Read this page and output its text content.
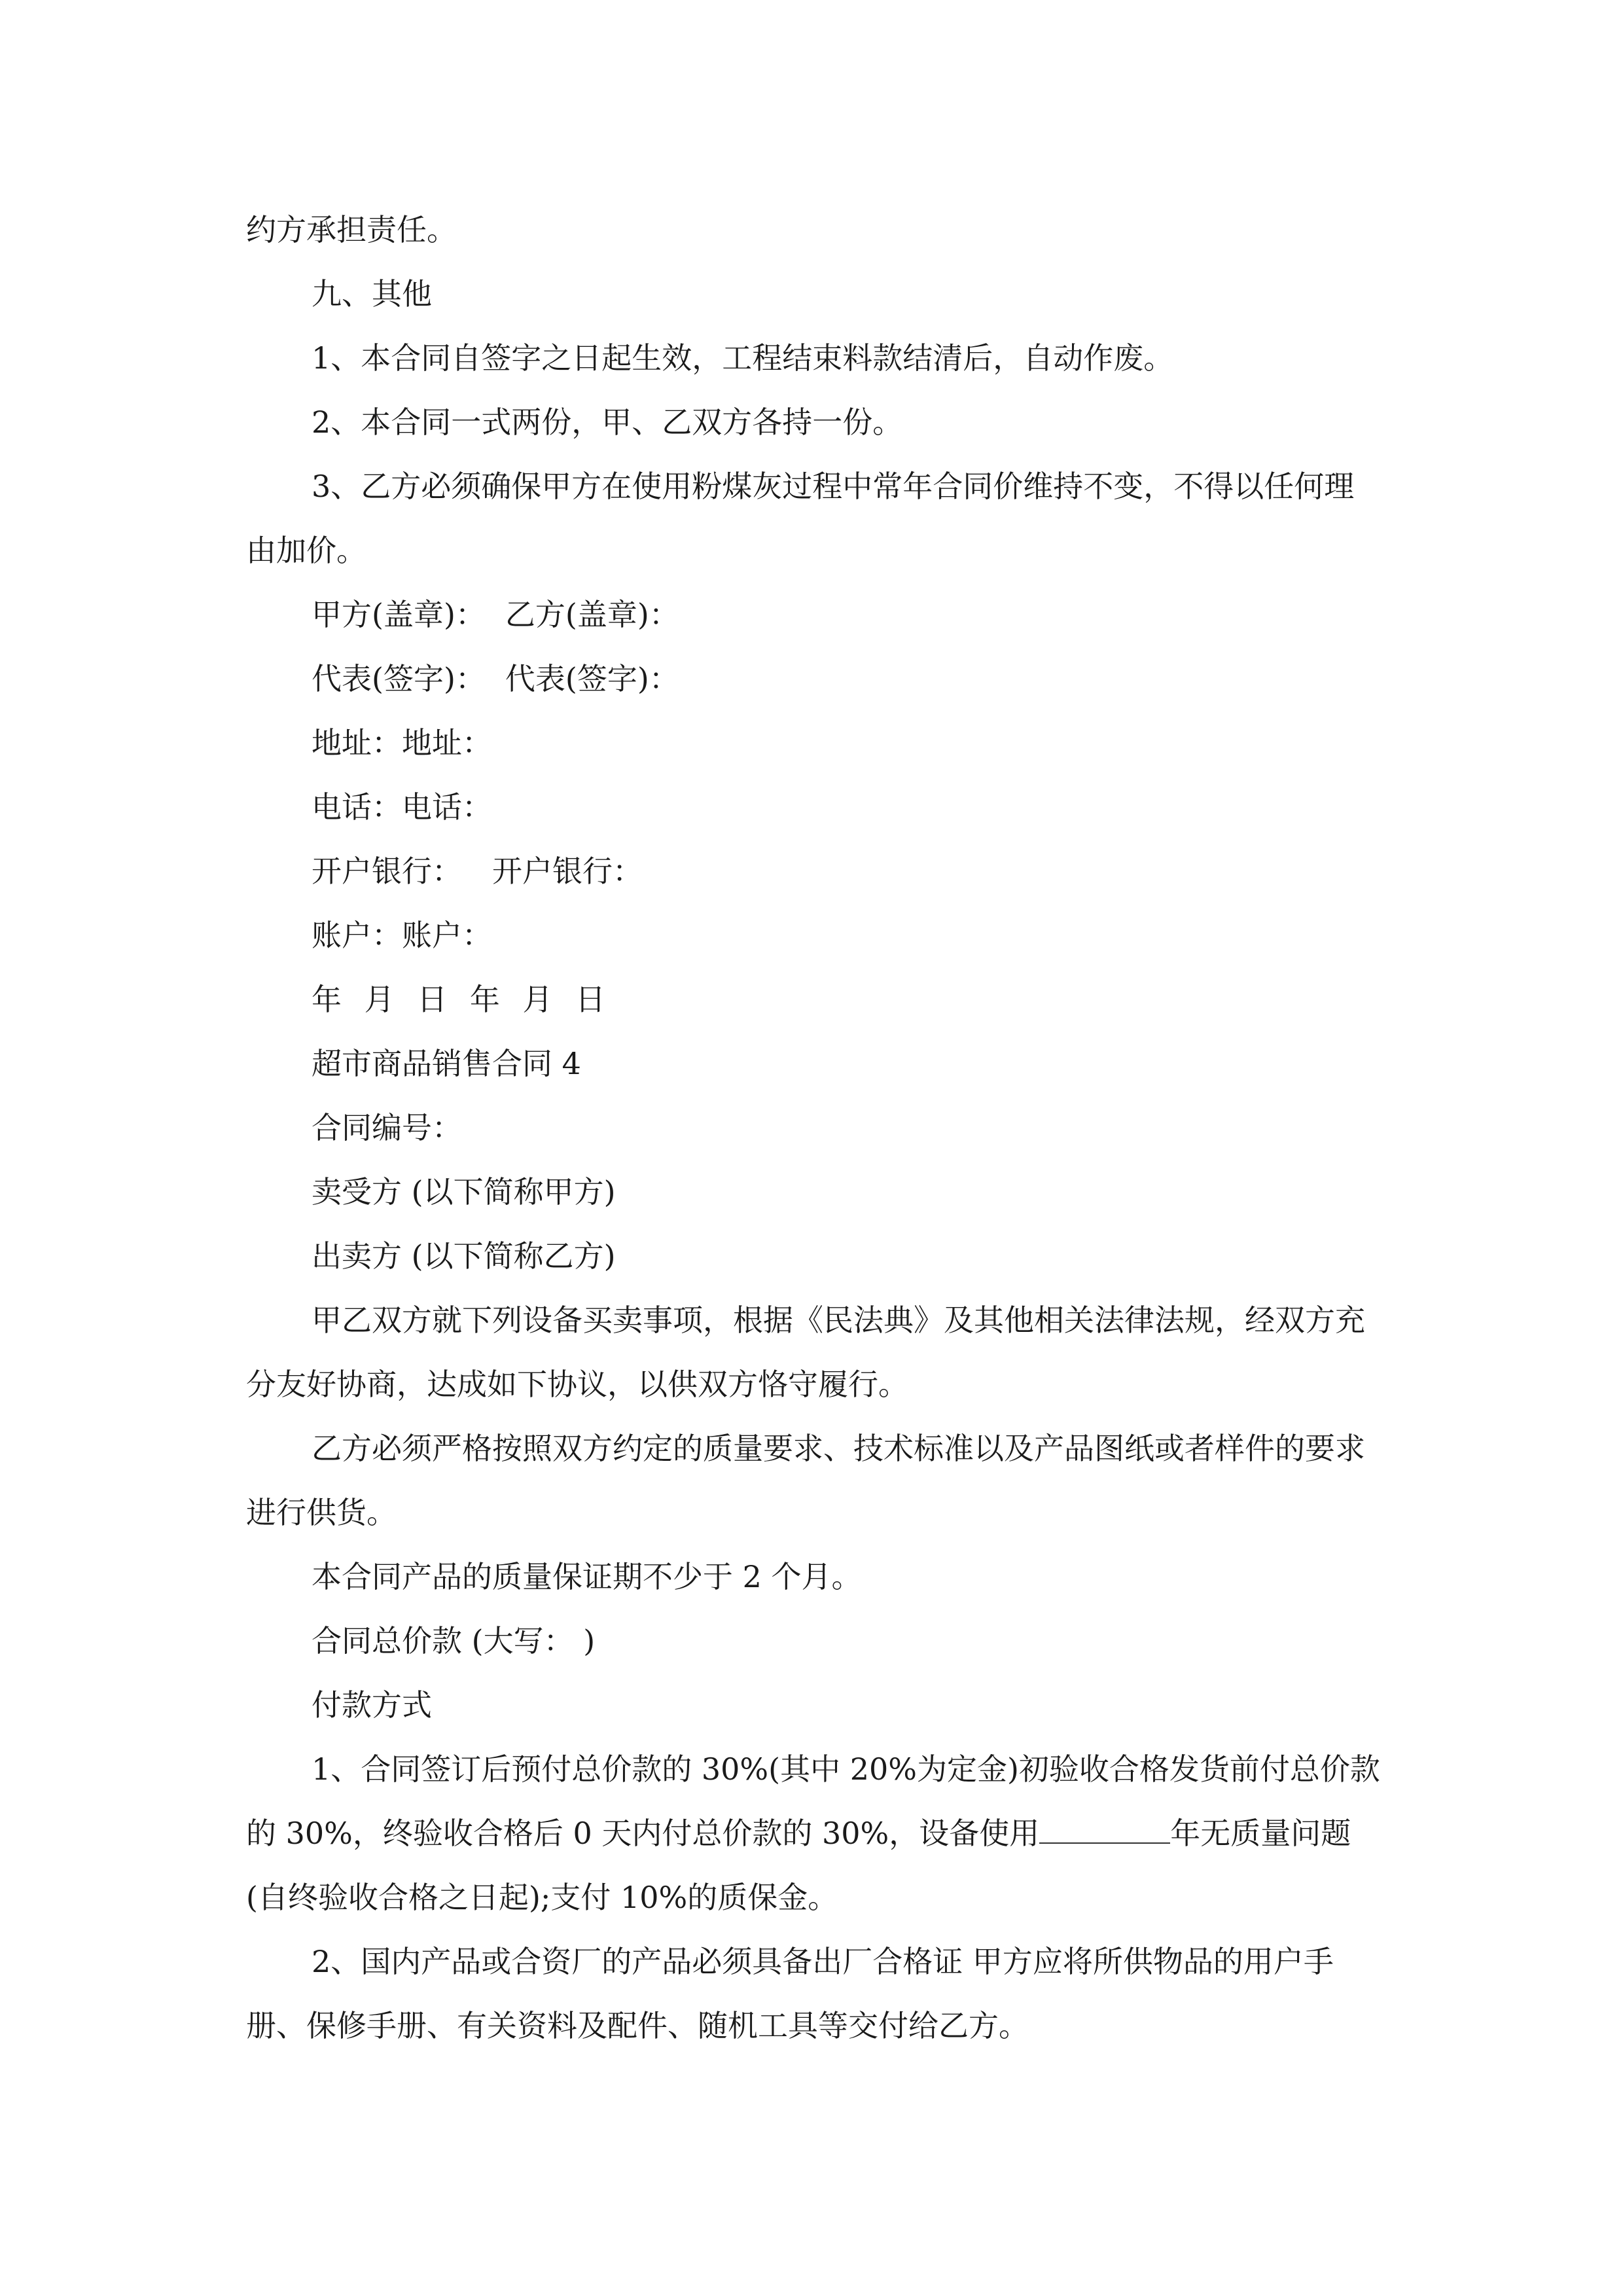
约方承担责任。

九、其他

1、本合同自签字之日起生效，工程结束料款结清后，自动作废。

2、本合同一式两份，甲、乙双方各持一份。

3、乙方必须确保甲方在使用粉煤灰过程中常年合同价维持不变，不得以任何理由加价。

甲方(盖章)： 乙方(盖章)：

代表(签字)： 代表(签字)：

地址：地址：

电话：电话：

开户银行： 开户银行：

账户：账户：

年 月 日 年 月 日

超市商品销售合同 4

合同编号：

卖受方 (以下简称甲方)

出卖方 (以下简称乙方)

甲乙双方就下列设备买卖事项，根据《民法典》及其他相关法律法规，经双方充分友好协商，达成如下协议，以供双方恪守履行。

乙方必须严格按照双方约定的质量要求、技术标准以及产品图纸或者样件的要求进行供货。

本合同产品的质量保证期不少于 2 个月。

合同总价款 (大写： )

付款方式

1、合同签订后预付总价款的 30%(其中 20%为定金)初验收合格发货前付总价款的 30%，终验收合格后 0 天内付总价款的 30%，设备使用	年无质量问题(自终验收合格之日起);支付 10%的质保金。

2、国内产品或合资厂的产品必须具备出厂合格证 甲方应将所供物品的用户手册、保修手册、有关资料及配件、随机工具等交付给乙方。
